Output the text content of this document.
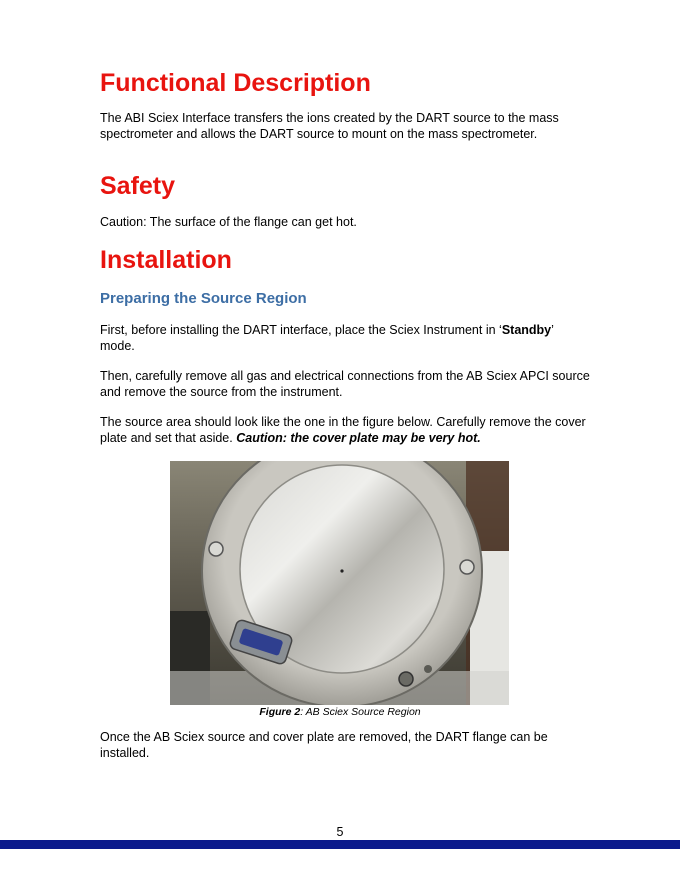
Functional Description

The ABI Sciex Interface transfers the ions created by the DART source to the mass spectrometer and allows the DART source to mount on the mass spectrometer.

Safety

Caution: The surface of the flange can get hot.

Installation
Preparing the Source Region

First, before installing the DART interface, place the Sciex Instrument in ‘Standby’ mode.

Then, carefully remove all gas and electrical connections from the AB Sciex APCI source and remove the source from the instrument.

The source area should look like the one in the figure below. Carefully remove the cover plate and set that aside. Caution: the cover plate may be very hot.

Figure 2: AB Sciex Source Region

Once the AB Sciex source and cover plate are removed, the DART flange can be installed.

5
